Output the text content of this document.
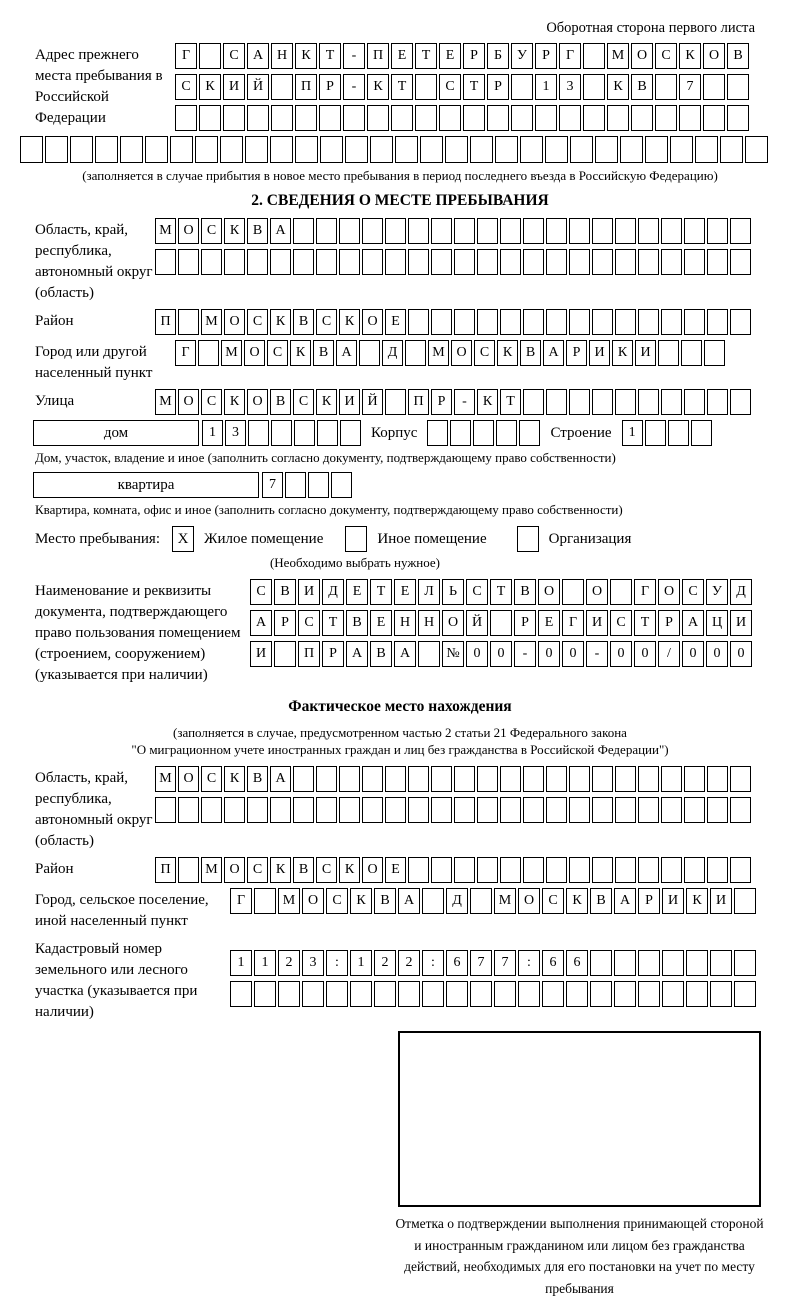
Оборотная сторона первого листа
Адрес прежнего места пребывания в Российской Федерации
Г	С	А Н	К	Т	-	П	Е	Т	Е	Р	Б	У	Р	Г	М О	С	К	О	В
С	К	И Й	П	Р	-	К	Т	С	Т	Р	1	3	К	В	7
(заполняется в случае прибытия в новое место пребывания в период последнего въезда в Российскую Федерацию)
2. СВЕДЕНИЯ О МЕСТЕ ПРЕБЫВАНИЯ
Область, край, республика, автономный округ (область)
М О С К В А
Район	П	М О С К В С К О Е
Город или другой населенный пункт
Г	М О С К В А	Д	М О С К В А	Р	И К И
Улица	М О С К О В С К И Й	П	Р	-	К	Т
дом	1	3	Корпус	Строение	1
Дом, участок, владение и иное (заполнить согласно документу, подтверждающему право собственности)
квартира	7
Квартира, комната, офис и иное (заполнить согласно документу, подтверждающему право собственности)
Место пребывания:	X	Жилое помещение	Иное помещение	Организация
(Необходимо выбрать нужное)
Наименование и реквизиты документа, подтверждающего право пользования помещением (строением, сооружением) (указывается при наличии)
С	В	И	Д	Е	Т	Е	Л	Ь	С	Т	В	О	О	Г	О	С	У	Д
А	Р	С	Т	В	Е	Н Н О Й	Р	Е	Г	И	С	Т	Р	А Ц И
И	П	Р	А	В	А	№ 0	0	-	0	0	-	0	0	/	0	0	0
Фактическое место нахождения
(заполняется в случае, предусмотренном частью 2 статьи 21 Федерального закона
"О миграционном учете иностранных граждан и лиц без гражданства в Российской Федерации")
Область, край, республика, автономный округ (область)
М О С К В А
Район	П	М О С К В С К О Е
Город, сельское поселение, иной населенный пункт
Г	М О	С	К	В	А	Д	М О	С	К	В	А	Р	И	К	И
Кадастровый номер земельного или лесного участка (указывается при наличии)
1	1	2	3	:	1	2	2	:	6	7	7	:	6	6
Отметка о подтверждении выполнения принимающей стороной и иностранным гражданином или лицом без гражданства действий, необходимых для его постановки на учет по месту пребывания
